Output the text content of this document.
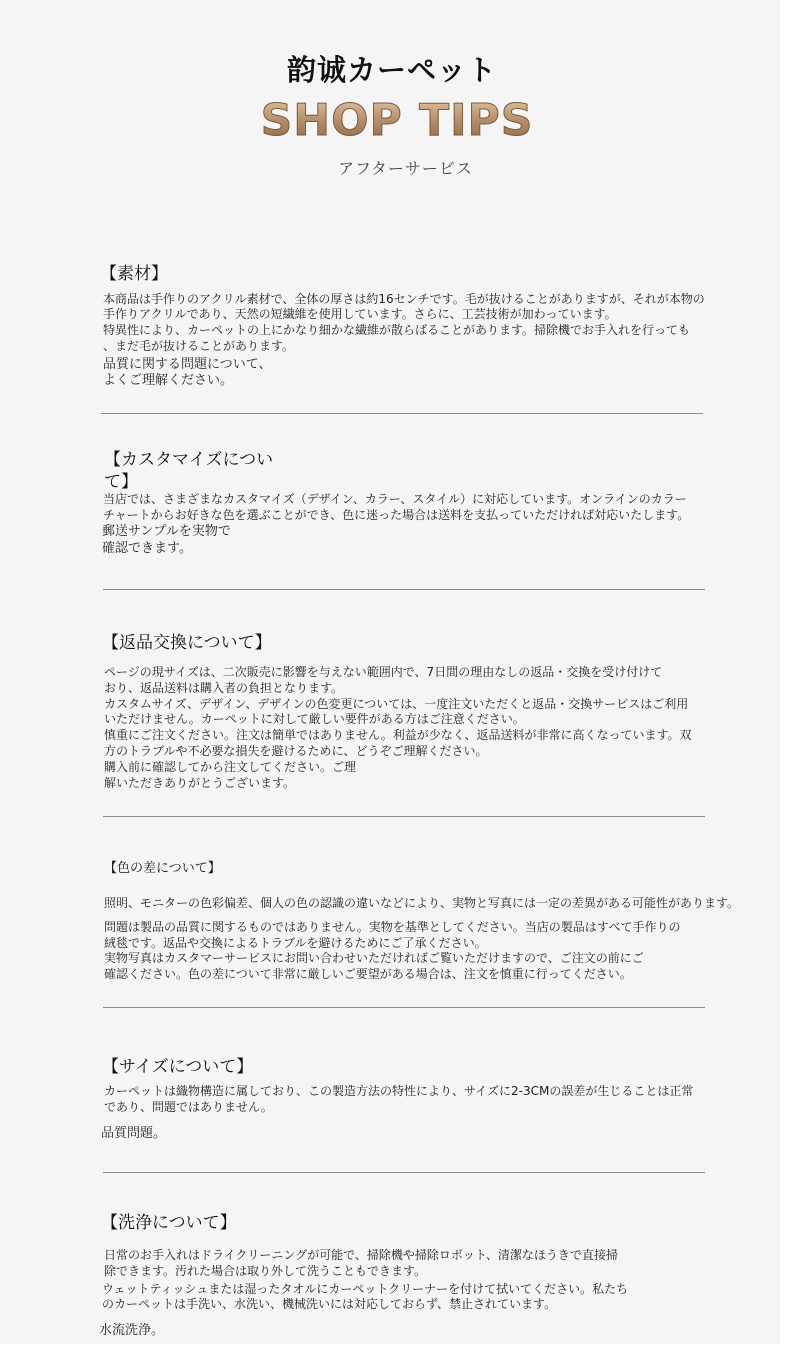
韵诚カーペット
SHOP TIPS
アフターサービス
【素材】
本商品は手作りのアクリル素材で、全体の厚さは約16センチです。毛が抜けることがありますが、それが本物の
手作りアクリルであり、天然の短繊維を使用しています。さらに、工芸技術が加わっています。
特異性により、カーペットの上にかなり細かな繊維が散らばることがあります。掃除機でお手入れを行っても
、まだ毛が抜けることがあります。
品質に関する問題について、
よくご理解ください。
【カスタマイズについて】
当店では、さまざまなカスタマイズ（デザイン、カラー、スタイル）に対応しています。オンラインのカラー
チャートからお好きな色を選ぶことができ、色に迷った場合は送料を支払っていただければ対応いたします。
郵送サンプルを実物で
確認できます。
【返品交換について】
ページの現サイズは、二次販売に影響を与えない範囲内で、7日間の理由なしの返品・交換を受け付けて
おり、返品送料は購入者の負担となります。
カスタムサイズ、デザイン、デザインの色変更については、一度注文いただくと返品・交換サービスはご利用
いただけません。カーペットに対して厳しい要件がある方はご注意ください。
慎重にご注文ください。注文は簡単ではありません。利益が少なく、返品送料が非常に高くなっています。双
方のトラブルや不必要な損失を避けるために、どうぞご理解ください。
購入前に確認してから注文してください。ご理
解いただきありがとうございます。
【色の差について】
照明、モニターの色彩偏差、個人の色の認識の違いなどにより、実物と写真には一定の差異がある可能性があります。
問題は製品の品質に関するものではありません。実物を基準としてください。当店の製品はすべて手作りの
絨毯です。返品や交換によるトラブルを避けるためにご了承ください。
実物写真はカスタマーサービスにお問い合わせいただければご覧いただけますので、ご注文の前にご
確認ください。色の差について非常に厳しいご要望がある場合は、注文を慎重に行ってください。
【サイズについて】
カーペットは織物構造に属しており、この製造方法の特性により、サイズに2-3CMの誤差が生じることは正常
であり、問題ではありません。
品質問題。
【洗浄について】
日常のお手入れはドライクリーニングが可能で、掃除機や掃除ロボット、清潔なほうきで直接掃
除できます。汚れた場合は取り外して洗うこともできます。
ウェットティッシュまたは湿ったタオルにカーペットクリーナーを付けて拭いてください。私たち
のカーペットは手洗い、水洗い、機械洗いには対応しておらず、禁止されています。
水流洗浄。
